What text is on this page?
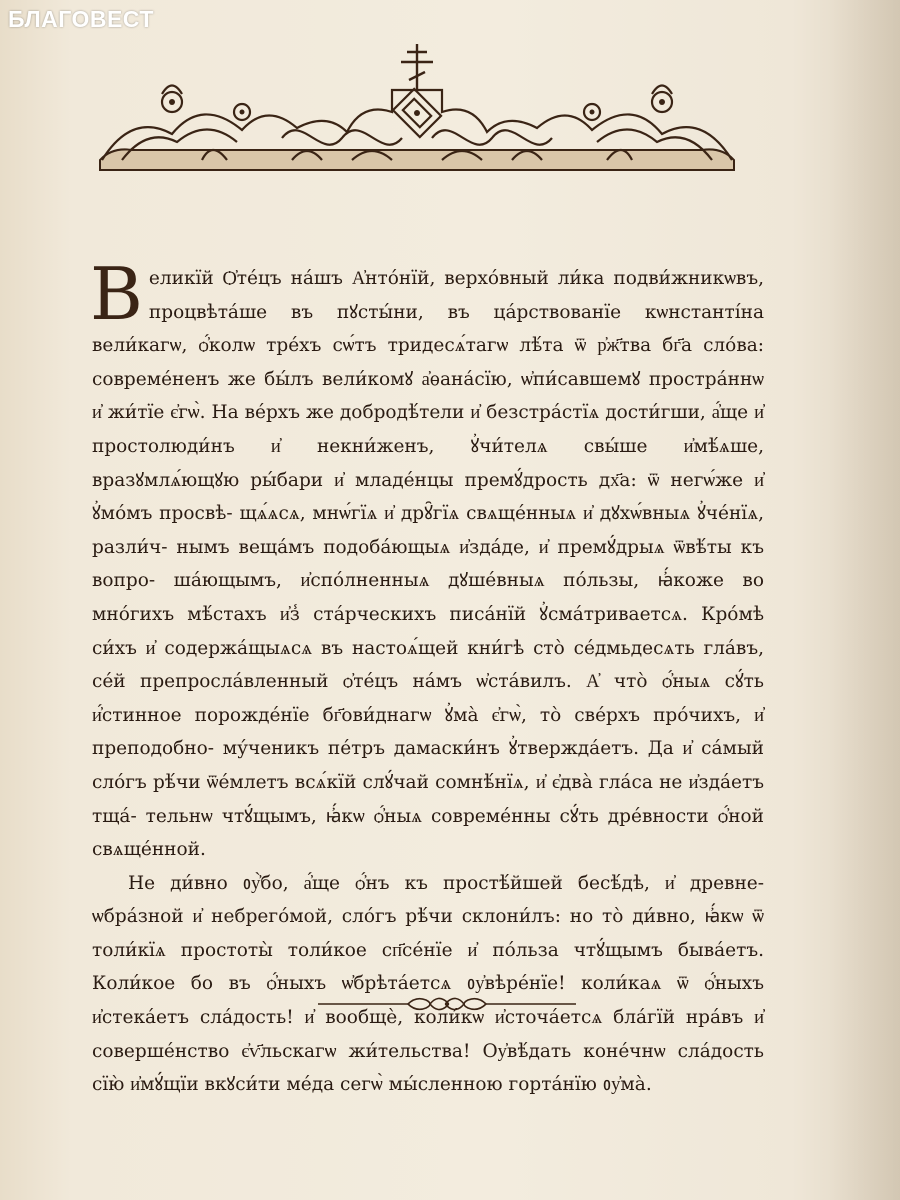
БЛАГОВЕСТ

Великїй Ѻ҆те́цъ на́шъ А҆нто́нїй, верхо́вный ли́ка подви́жникѡвъ, процвѣта́ше въ пꙋсты́ни, въ ца́рствованїе кѡнстанті́на вели́кагѡ, ѻ҆́колѡ тре́хъ сѡ́тъ тридесѧ́тагѡ лѣ́та ѿ р҆ж҃тва бг҃а сло́ва: совреме́ненъ же бы́лъ вели́комꙋ а҆ѳана́сїю, ѡ҆пи́савшемꙋ простра́ннѡ и҆ жи́тїе є҆гѡ̀. На ве́рхъ же добродѣ́тели и҆ безстра́стїѧ дости́гши, а҆́ще и҆ простолюди́нъ и҆ некни́женъ, ꙋ҆чи́телѧ свы́ше и҆мѣ́ѧше, вразꙋмлѧ́ющꙋю ры́бари и҆ младе́нцы премꙋ́дрость дх҃а: ѿ негѡ́же и҆ ꙋ҆мо́мъ просвѣ- щѧ́ѧсѧ, мнѡ́гїѧ и҆ дрꙋ̑гїѧ свѧще́нныѧ и҆ дꙋхѡ́вныѧ ꙋ҆че́нїѧ, разли́ч- нымъ веща́мъ подоба́ющыѧ и҆зда́де, и҆ премꙋ́дрыѧ ѿвѣ́ты къ вопро- ша́ющымъ, и҆спо́лненныѧ дꙋше́вныѧ по́льзы, ꙗ҆́коже во мно́гихъ мѣ́стахъ и҆з̾ ста́рческихъ писа́нїй ꙋ҆сма́триваетсѧ. Кро́мѣ си́хъ и҆ содержа́щыѧсѧ въ настоѧ́щей кни́гѣ сто̀ се́дмьдесѧть гла́въ, се́й препросла́вленный ѻ҆те́цъ на́мъ ѡ҆ста́вилъ. А҆ что̀ ѻ҆́ныѧ сꙋ́ть и҆́стинное порожде́нїе бг҃ови́днагѡ ꙋ҆ма̀ є҆гѡ̀, то̀ све́рхъ про́чихъ, и҆ преподобно- му́ченикъ пе́тръ дамаски́нъ ꙋ҆твержда́етъ. Да и҆ са́мый сло́гъ рѣ́чи ѿе́млетъ всѧ́кїй слꙋ́чай сомнѣ́нїѧ, и҆ є҆два̀ гла́са не и҆зда́етъ тща́- тельнѡ чтꙋ́щымъ, ꙗ҆́кѡ ѻ҆́ныѧ совреме́нны сꙋ́ть дре́вности ѻ҆́ной свѧще́нной.

Не ди́вно ᲂу҆̀бо, а҆́ще ѻ҆́нъ къ простѣ́йшей бесѣ́дѣ, и҆ древне- ѡбра́зной и҆ небрего́мой, сло́гъ рѣ́чи склони́лъ: но то̀ ди́вно, ꙗ҆́кѡ ѿ толи́кїѧ простоты̀ толи́кое сп҃се́нїе и҆ по́льза чтꙋ́щымъ быва́етъ. Коли́кое бо въ ѻ҆́ныхъ ѡ҆брѣта́етсѧ ᲂу҆вѣре́нїе! коли́каѧ ѿ ѻ҆́ныхъ и҆стека́етъ сла́дость! и҆ вообщѐ, коли́кѡ и҆сточа́етсѧ бла́гїй нра́въ и҆ соверше́нство є҆ѵ҃льскагѡ жи́тельства! Оу҆вѣ́дать коне́чнѡ сла́дость сїю̀ и҆мꙋ́щїи вкꙋси́ти ме́да сегѡ̀ мы́сленною горта́нїю ᲂу҆ма̀.
